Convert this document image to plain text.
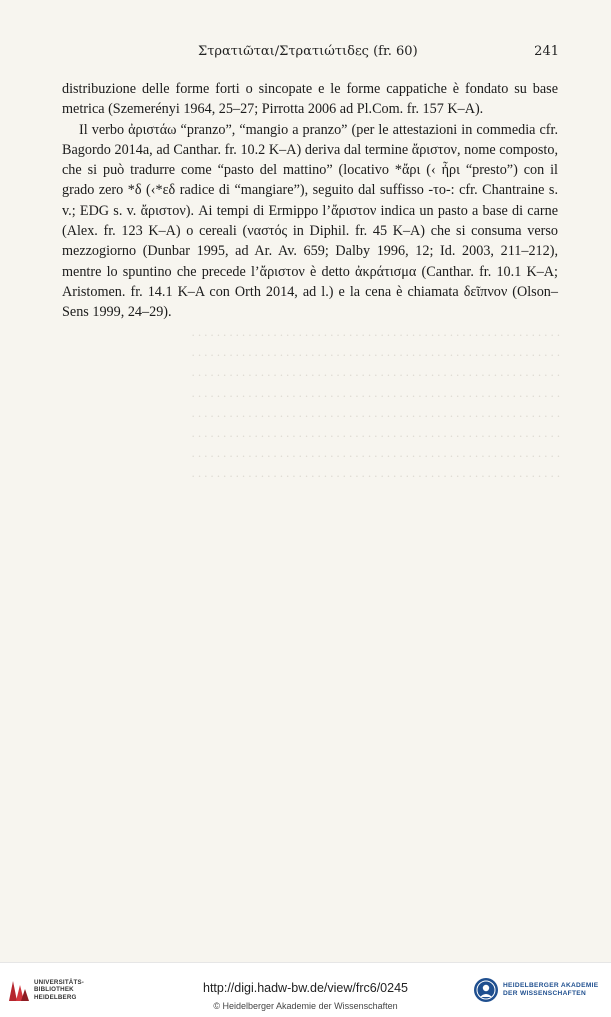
Στρατιῶται/Στρατιώτιδες (fr. 60)	241
. . . . . . . . . . . . . . . . . . . . . . . . . . . . . . . . . . . . . . . . . . . . . . . . . . . . . . . . . . .
. . . . . . . . . . . . . . . . . . . . . . . . . . . . . . . . . . . . . . . . . . . . . . . . . . . . . . . . . . .
. . . . . . . . . . . . . . . . . . . . . . . . . . . . . . . . . . . . . . . . . . . . . . . . . . . . . . . . . . .
. . . . . . . . . . . . . . . . . . . . . . . . . . . . . . . . . . . . . . . . . . . . . . . . . . . . . . . . . . .
. . . . . . . . . . . . . . . . . . . . . . . . . . . . . . . . . . . . . . . . . . . . . . . . . . . . . . . . . . .
. . . . . . . . . . . . . . . . . . . . . . . . . . . . . . . . . . . . . . . . . . . . . . . . . . . . . . . . . . .
. . . . . . . . . . . . . . . . . . . . . . . . . . . . . . . . . . . . . . . . . . . . . . . . . . . . . . . . . . .
. . . . . . . . . . . . . . . . . . . . . . . . . . . . . . . . . . . . . . . . . . . . . . . . . . . . . . . . . . .

distribuzione delle forme forti o sincopate e le forme cappatiche è fondato su base metrica (Szemerényi 1964, 25–27; Pirrotta 2006 ad Pl.Com. fr. 157 K–A).

Il verbo ἀριστάω “pranzo”, “mangio a pranzo” (per le attestazioni in commedia cfr. Bagordo 2014a, ad Canthar. fr. 10.2 K–A) deriva dal termine ἄριστον, nome composto, che si può tradurre come “pasto del mattino” (locativo *ἄρι (‹ ἦρι “presto”) con il grado zero *δ (‹*εδ radice di “mangiare”), seguito dal suffisso -το-: cfr. Chantraine s. v.; EDG s. v. ἄριστον). Ai tempi di Ermippo l’ἄριστον indica un pasto a base di carne (Alex. fr. 123 K–A) o cereali (ναστός in Diphil. fr. 45 K–A) che si consuma verso mezzogiorno (Dunbar 1995, ad Ar. Av. 659; Dalby 1996, 12; Id. 2003, 211–212), mentre lo spuntino che precede l’ἄριστον è detto ἀκράτισμα (Canthar. fr. 10.1 K–A; Aristomen. fr. 14.1 K–A con Orth 2014, ad l.) e la cena è chiamata δεῖπνον (Olson–Sens 1999, 24–29).

UNIVERSITÄTS- BIBLIOTHEK HEIDELBERG
http://digi.hadw-bw.de/view/frc6/0245
© Heidelberger Akademie der Wissenschaften
HEIDELBERGER AKADEMIE DER WISSENSCHAFTEN
